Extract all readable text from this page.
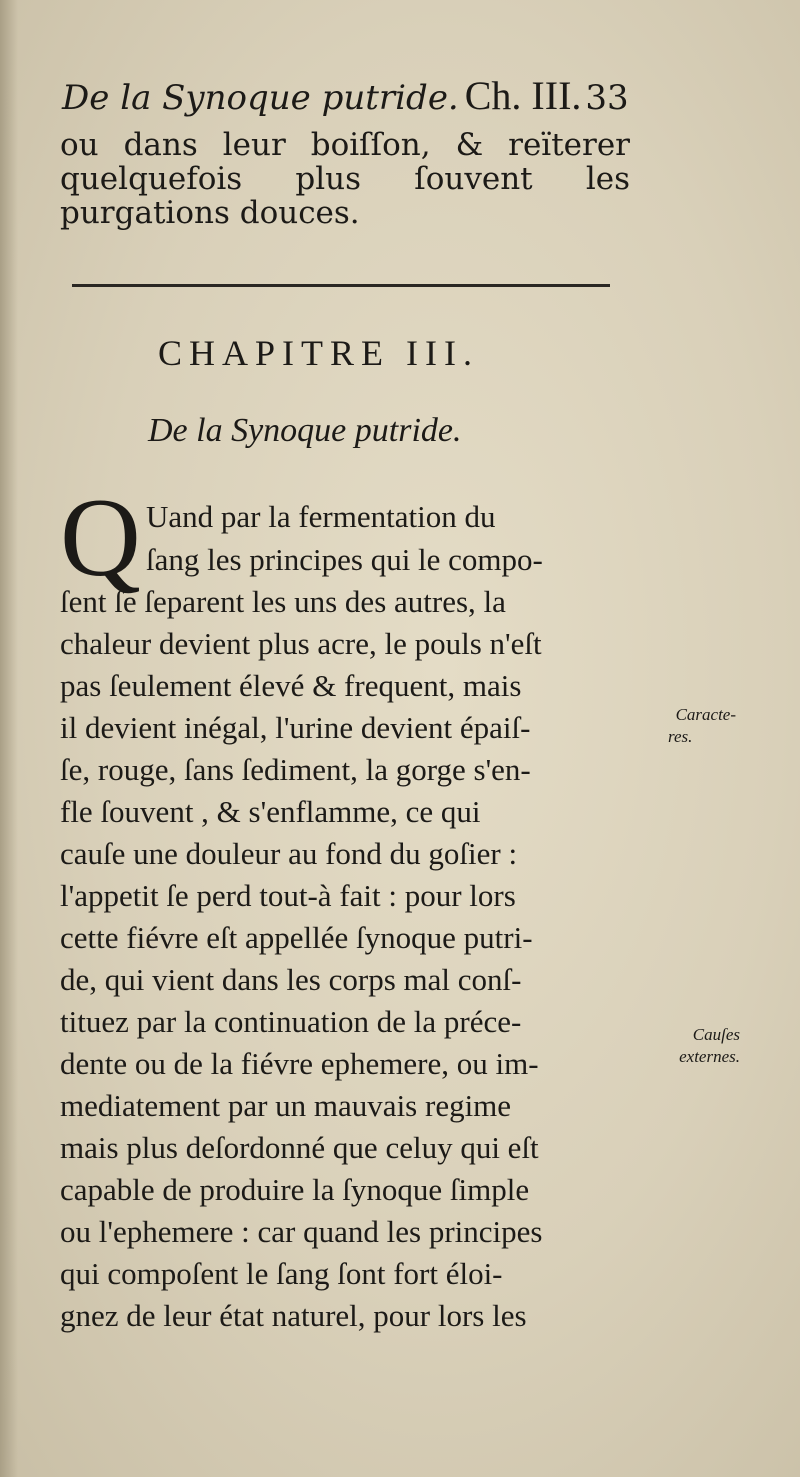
De la Synoque putride. Ch. III. 33
ou dans leur boiſſon, & reïterer quelquefois plus ſouvent les purgations douces.
CHAPITRE III.
De la Synoque putride.
Q Uand par la fermentation du
ſang les principes qui le compo-
ſent ſe ſeparent les uns des autres, la
chaleur devient plus acre, le pouls n'eſt
pas ſeulement élevé & frequent, mais
il devient inégal, l'urine devient épaiſ-
ſe, rouge, ſans ſediment, la gorge s'en-
fle ſouvent , & s'enflamme, ce qui
cauſe une douleur au fond du goſier :
l'appetit ſe perd tout-à fait : pour lors
cette fiévre eſt appellée ſynoque putri-
de, qui vient dans les corps mal conſ-
tituez par la continuation de la préce-
dente ou de la fiévre ephemere, ou im-
mediatement par un mauvais regime
mais plus deſordonné que celuy qui eſt
capable de produire la ſynoque ſimple
ou l'ephemere : car quand les principes
qui compoſent le ſang ſont fort éloi-
gnez de leur état naturel, pour lors les
Caracte-
res.
Cauſes
externes.
